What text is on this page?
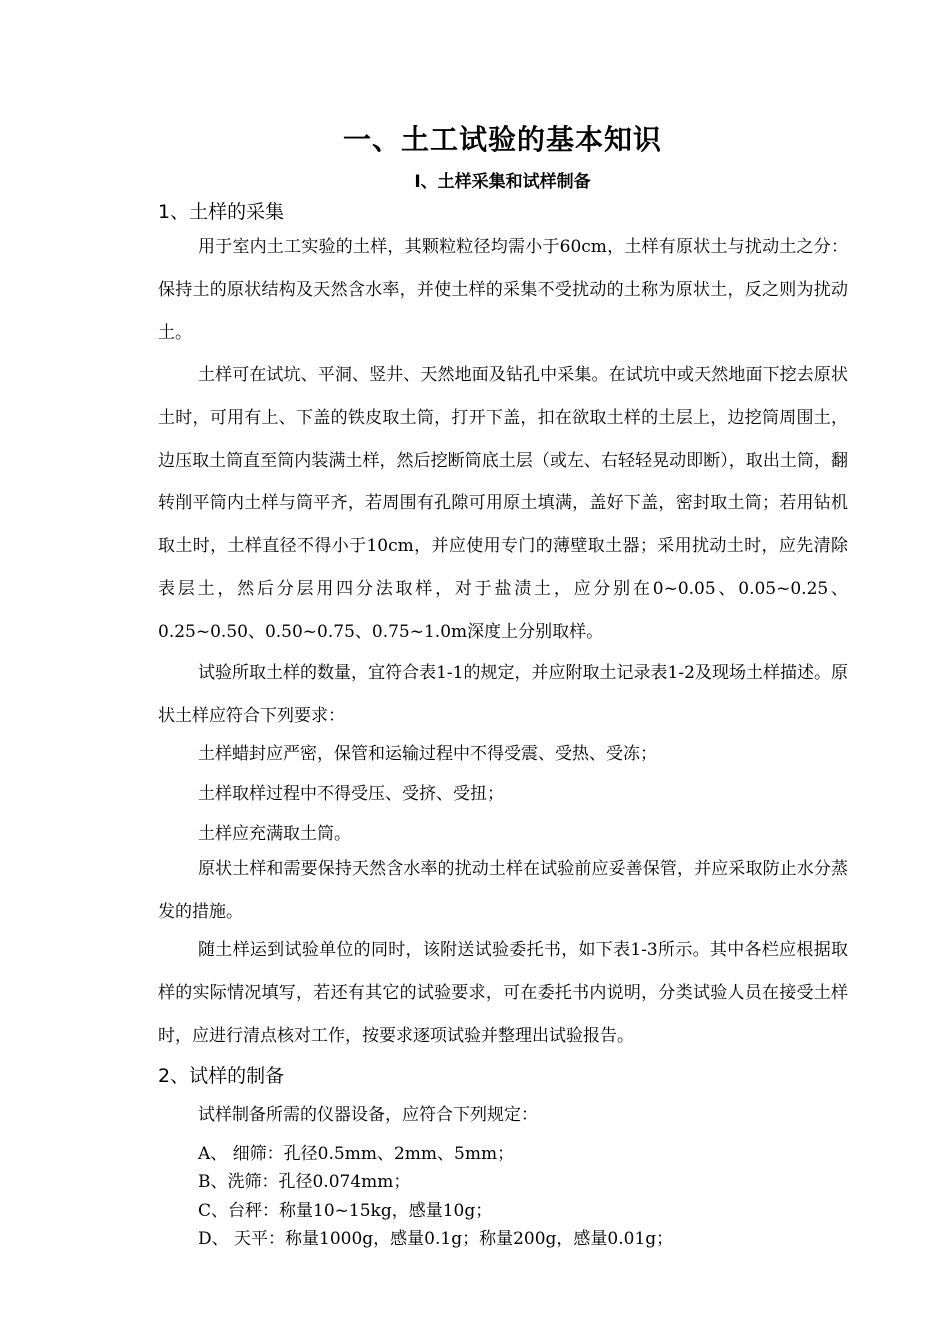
一、土工试验的基本知识
Ⅰ、土样采集和试样制备
1、土样的采集

用于室内土工实验的土样，其颗粒粒径均需小于60cm，土样有原状土与扰动土之分：保持土的原状结构及天然含水率，并使土样的采集不受扰动的土称为原状土，反之则为扰动土。

土样可在试坑、平洞、竖井、天然地面及钻孔中采集。在试坑中或天然地面下挖去原状土时，可用有上、下盖的铁皮取土筒，打开下盖，扣在欲取土样的土层上，边挖筒周围土，边压取土筒直至筒内装满土样，然后挖断筒底土层（或左、右轻轻晃动即断），取出土筒，翻转削平筒内土样与筒平齐，若周围有孔隙可用原土填满，盖好下盖，密封取土筒；若用钻机取土时，土样直径不得小于10cm，并应使用专门的薄壁取土器；采用扰动土时，应先清除表层土，然后分层用四分法取样，对于盐渍土，应分别在0~0.05、0.05~0.25、0.25~0.50、0.50~0.75、0.75~1.0m深度上分别取样。

试验所取土样的数量，宜符合表1-1的规定，并应附取土记录表1-2及现场土样描述。原状土样应符合下列要求：

土样蜡封应严密，保管和运输过程中不得受震、受热、受冻；

土样取样过程中不得受压、受挤、受扭；

土样应充满取土筒。

原状土样和需要保持天然含水率的扰动土样在试验前应妥善保管，并应采取防止水分蒸发的措施。

随土样运到试验单位的同时，该附送试验委托书，如下表1-3所示。其中各栏应根据取样的实际情况填写，若还有其它的试验要求，可在委托书内说明，分类试验人员在接受土样时，应进行清点核对工作，按要求逐项试验并整理出试验报告。

2、试样的制备

试样制备所需的仪器设备，应符合下列规定：

A、 细筛：孔径0.5mm、2mm、5mm；
B、洗筛：孔径0.074mm；
C、台秤：称量10~15kg，感量10g；
D、 天平：称量1000g，感量0.1g；称量200g，感量0.01g；
